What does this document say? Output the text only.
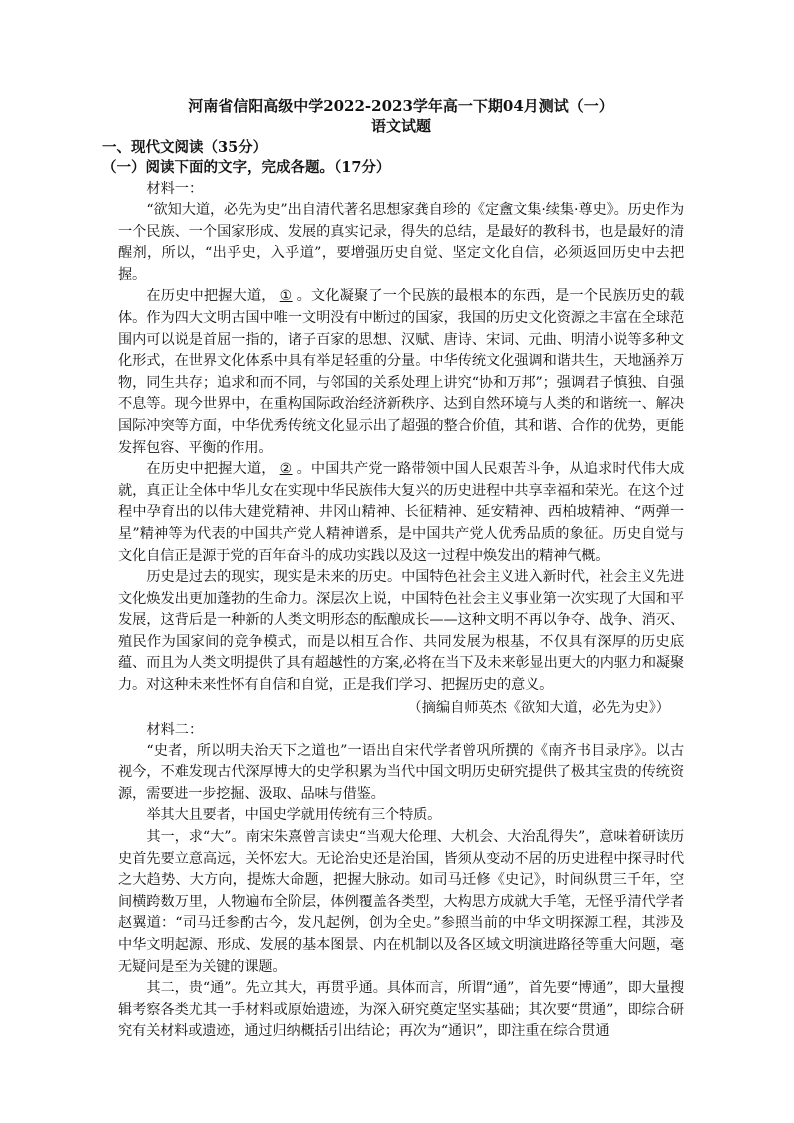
河南省信阳高级中学2022-2023学年高一下期04月测试（一）

语文试题

一、现代文阅读（35分）

（一）阅读下面的文字，完成各题。（17分）

材料一：

“欲知大道，必先为史”出自清代著名思想家龚自珍的《定盦文集·续集·尊史》。历史作为一个民族、一个国家形成、发展的真实记录，得失的总结，是最好的教科书，也是最好的清醒剂，所以，“出乎史，入乎道”，要增强历史自觉、坚定文化自信，必须返回历史中去把握。

在历史中把握大道， ① 。文化凝聚了一个民族的最根本的东西，是一个民族历史的载体。作为四大文明古国中唯一文明没有中断过的国家，我国的历史文化资源之丰富在全球范围内可以说是首屈一指的，诸子百家的思想、汉赋、唐诗、宋词、元曲、明清小说等多种文化形式，在世界文化体系中具有举足轻重的分量。中华传统文化强调和谐共生，天地涵养万物，同生共存；追求和而不同，与邻国的关系处理上讲究“协和万邦”；强调君子慎独、自强不息等。现今世界中，在重构国际政治经济新秩序、达到自然环境与人类的和谐统一、解决国际冲突等方面，中华优秀传统文化显示出了超强的整合价值，其和谐、合作的优势，更能发挥包容、平衡的作用。

在历史中把握大道， ② 。中国共产党一路带领中国人民艰苦斗争，从追求时代伟大成就，真正让全体中华儿女在实现中华民族伟大复兴的历史进程中共享幸福和荣光。在这个过程中孕育出的以伟大建党精神、井冈山精神、长征精神、延安精神、西柏坡精神、“两弹一星”精神等为代表的中国共产党人精神谱系，是中国共产党人优秀品质的象征。历史自觉与文化自信正是源于党的百年奋斗的成功实践以及这一过程中焕发出的精神气概。

历史是过去的现实，现实是未来的历史。中国特色社会主义进入新时代，社会主义先进文化焕发出更加蓬勃的生命力。深层次上说，中国特色社会主义事业第一次实现了大国和平发展，这背后是一种新的人类文明形态的酝酿成长——这种文明不再以争夺、战争、消灭、殖民作为国家间的竞争模式，而是以相互合作、共同发展为根基，不仅具有深厚的历史底蕴、而且为人类文明提供了具有超越性的方案,必将在当下及未来彰显出更大的内驱力和凝聚力。对这种未来性怀有自信和自觉，正是我们学习、把握历史的意义。

（摘编自师英杰《欲知大道，必先为史》）

材料二：

“史者，所以明夫治天下之道也”一语出自宋代学者曾巩所撰的《南齐书目录序》。以古视今，不难发现古代深厚博大的史学积累为当代中国文明历史研究提供了极其宝贵的传统资源，需要进一步挖掘、汲取、品味与借鉴。

举其大且要者，中国史学就用传统有三个特质。

其一，求“大”。南宋朱熹曾言读史“当观大伦理、大机会、大治乱得失”，意味着研读历史首先要立意高远，关怀宏大。无论治史还是治国，皆须从变动不居的历史进程中探寻时代之大趋势、大方向，提炼大命题，把握大脉动。如司马迁修《史记》，时间纵贯三千年，空间横跨数万里，人物遍布全阶层，体例覆盖各类型，大构思方成就大手笔，无怪乎清代学者赵翼道：“司马迁参酌古今，发凡起例，创为全史。”参照当前的中华文明探源工程，其涉及中华文明起源、形成、发展的基本图景、内在机制以及各区域文明演进路径等重大问题，毫无疑问是至为关键的课题。

其二，贵“通”。先立其大，再贯乎通。具体而言，所谓“通”，首先要“博通”，即大量搜辑考察各类尤其一手材料或原始遗迹，为深入研究奠定坚实基础；其次要“贯通”，即综合研究有关材料或遗迹，通过归纳概括引出结论；再次为“通识”，即注重在综合贯通
